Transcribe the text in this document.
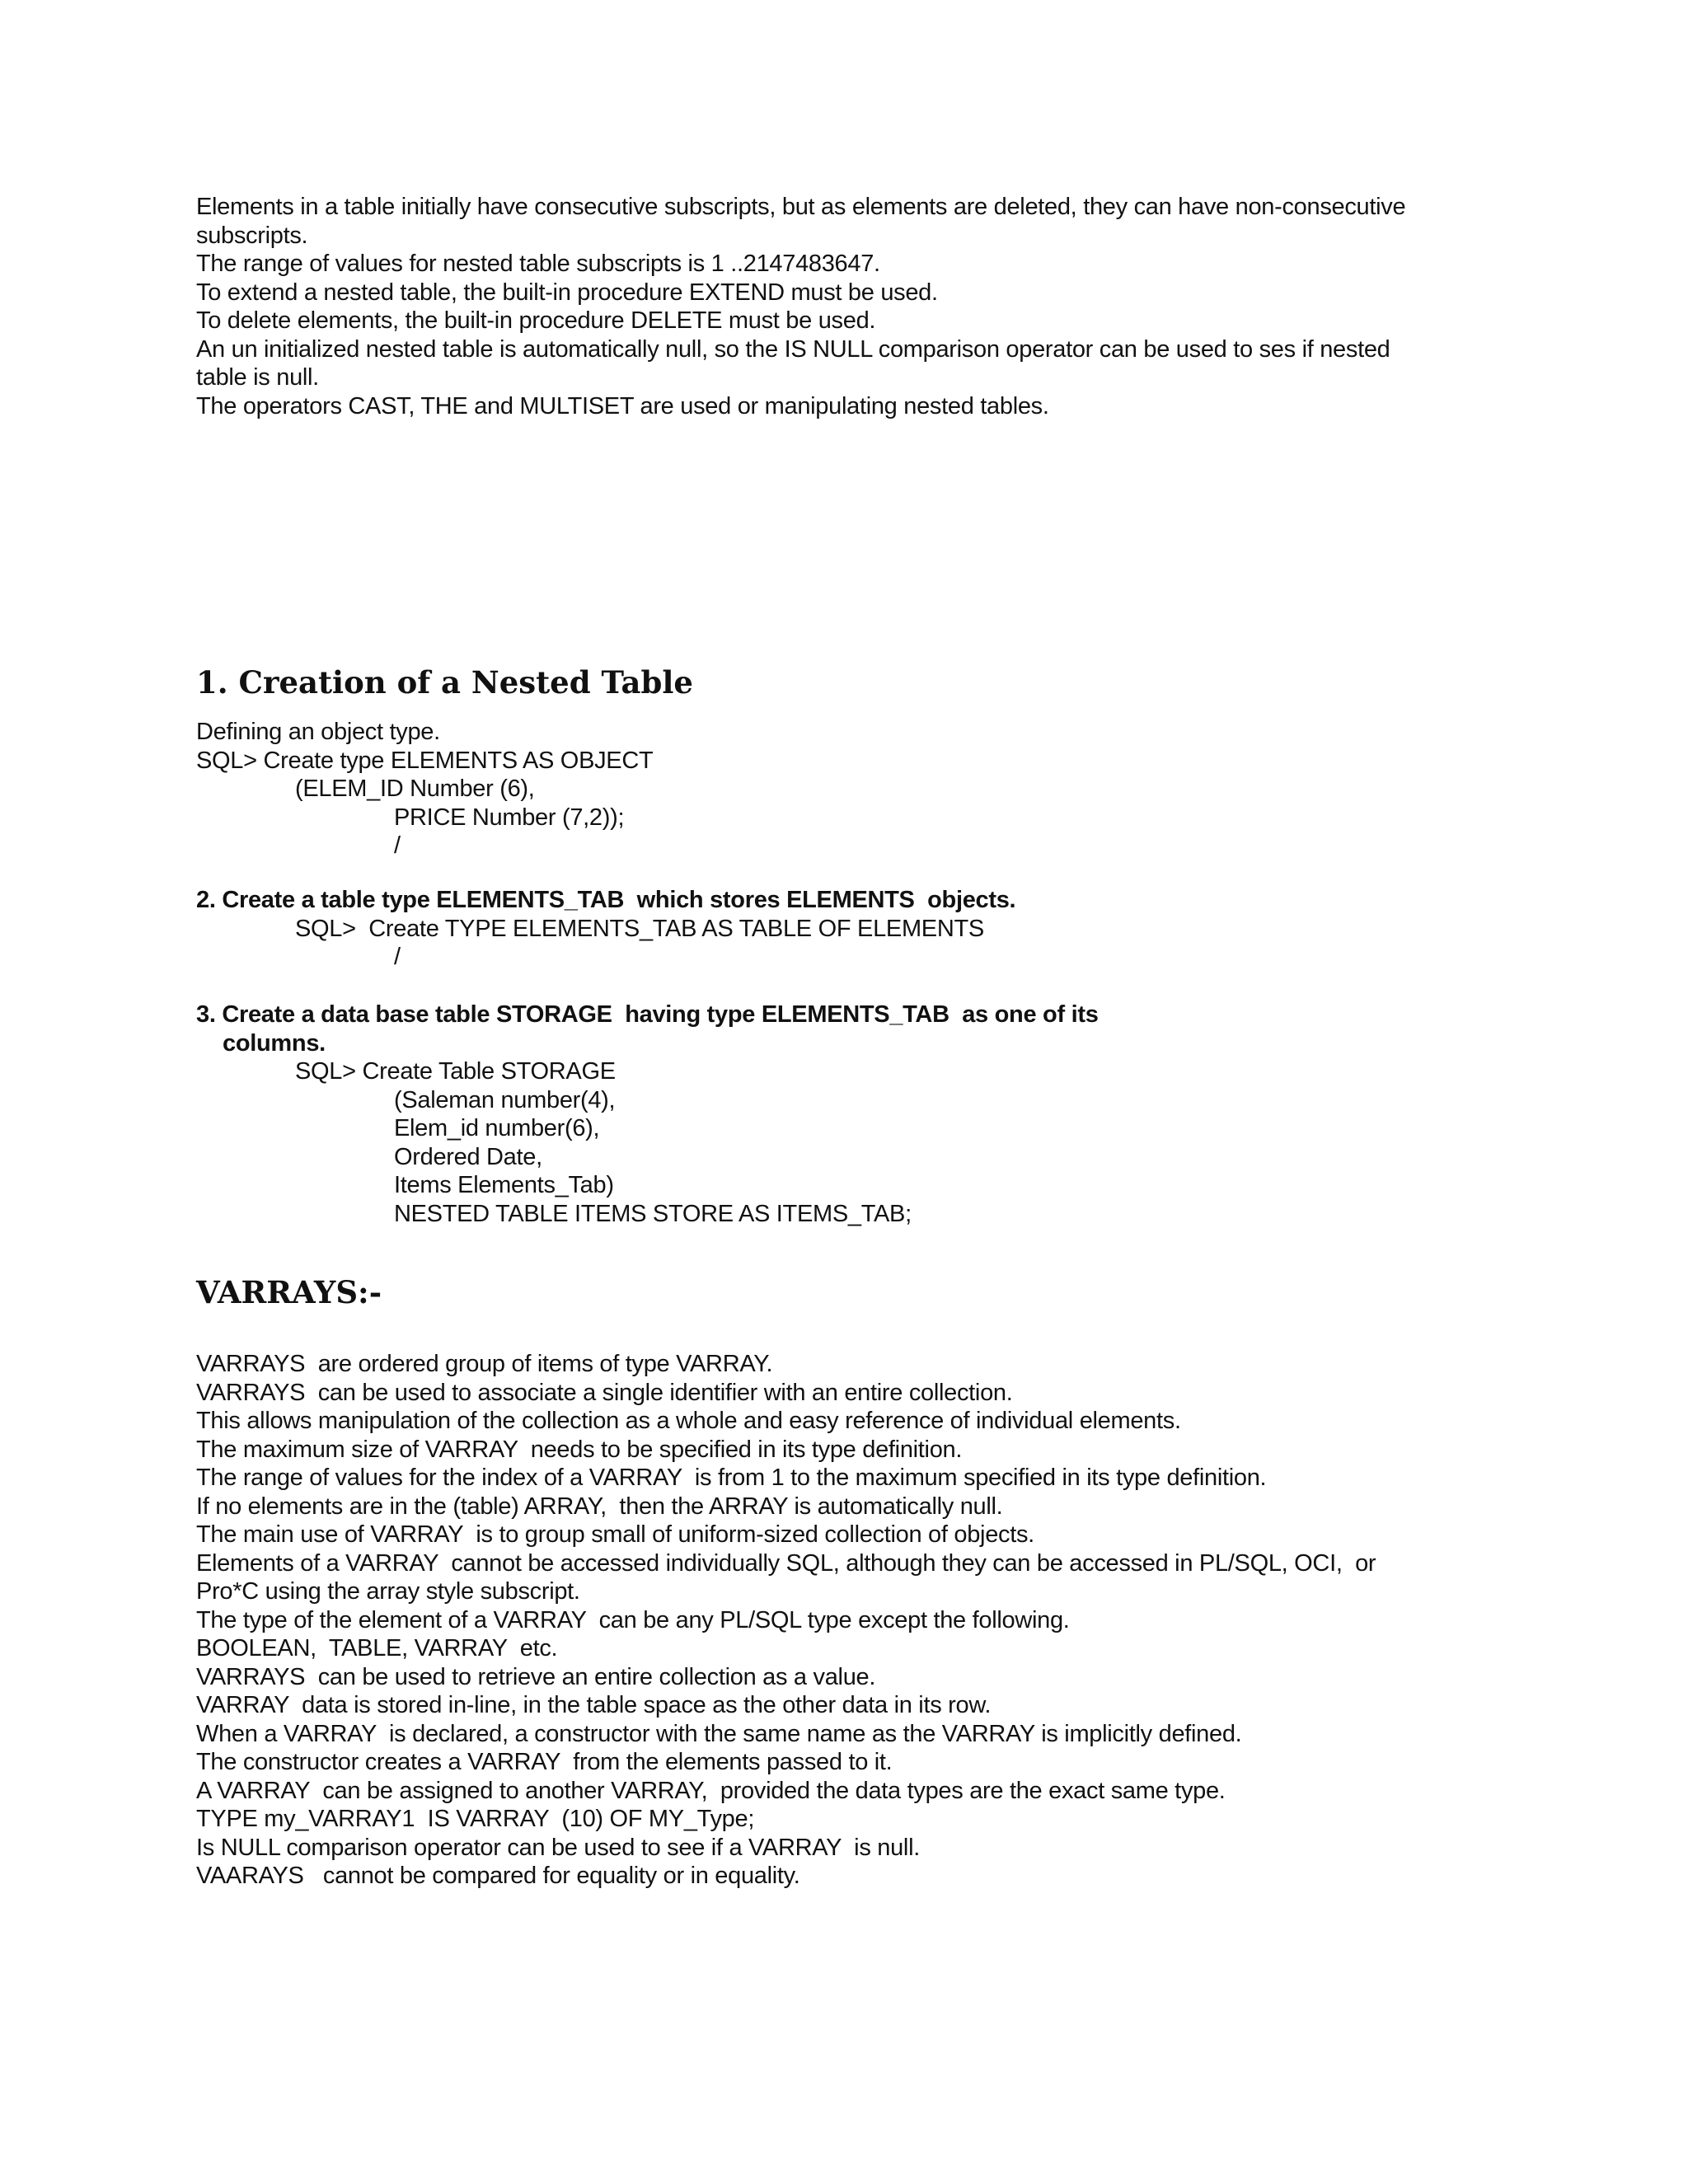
Elements in a table initially have consecutive subscripts, but as elements are deleted, they can have non-consecutive
subscripts.
The range of values for nested table subscripts is 1 ..2147483647.
To extend a nested table, the built-in procedure EXTEND must be used.
To delete elements, the built-in procedure DELETE must be used.
An un initialized nested table is automatically null, so the IS NULL comparison operator can be used to ses if nested
table is null.
The operators CAST, THE and MULTISET are used or manipulating nested tables.
1. Creation of a Nested Table
Defining an object type.
SQL> Create type ELEMENTS AS OBJECT
(ELEM_ID Number (6),
PRICE Number (7,2));
/
2. Create a table type ELEMENTS_TAB  which stores ELEMENTS  objects.
SQL>  Create TYPE ELEMENTS_TAB AS TABLE OF ELEMENTS
/
3. Create a data base table STORAGE  having type ELEMENTS_TAB  as one of its
columns.
SQL> Create Table STORAGE
(Saleman number(4),
Elem_id number(6),
Ordered Date,
Items Elements_Tab)
NESTED TABLE ITEMS STORE AS ITEMS_TAB;
VARRAYS:-
VARRAYS  are ordered group of items of type VARRAY.
VARRAYS  can be used to associate a single identifier with an entire collection.
This allows manipulation of the collection as a whole and easy reference of individual elements.
The maximum size of VARRAY  needs to be specified in its type definition.
The range of values for the index of a VARRAY  is from 1 to the maximum specified in its type definition.
If no elements are in the (table) ARRAY,  then the ARRAY is automatically null.
The main use of VARRAY  is to group small of uniform-sized collection of objects.
Elements of a VARRAY  cannot be accessed individually SQL, although they can be accessed in PL/SQL, OCI,  or
Pro*C using the array style subscript.
The type of the element of a VARRAY  can be any PL/SQL type except the following.
BOOLEAN,  TABLE, VARRAY  etc.
VARRAYS  can be used to retrieve an entire collection as a value.
VARRAY  data is stored in-line, in the table space as the other data in its row.
When a VARRAY  is declared, a constructor with the same name as the VARRAY is implicitly defined.
The constructor creates a VARRAY  from the elements passed to it.
A VARRAY  can be assigned to another VARRAY,  provided the data types are the exact same type.
TYPE my_VARRAY1  IS VARRAY  (10) OF MY_Type;
Is NULL comparison operator can be used to see if a VARRAY  is null.
VAARAYS   cannot be compared for equality or in equality.
